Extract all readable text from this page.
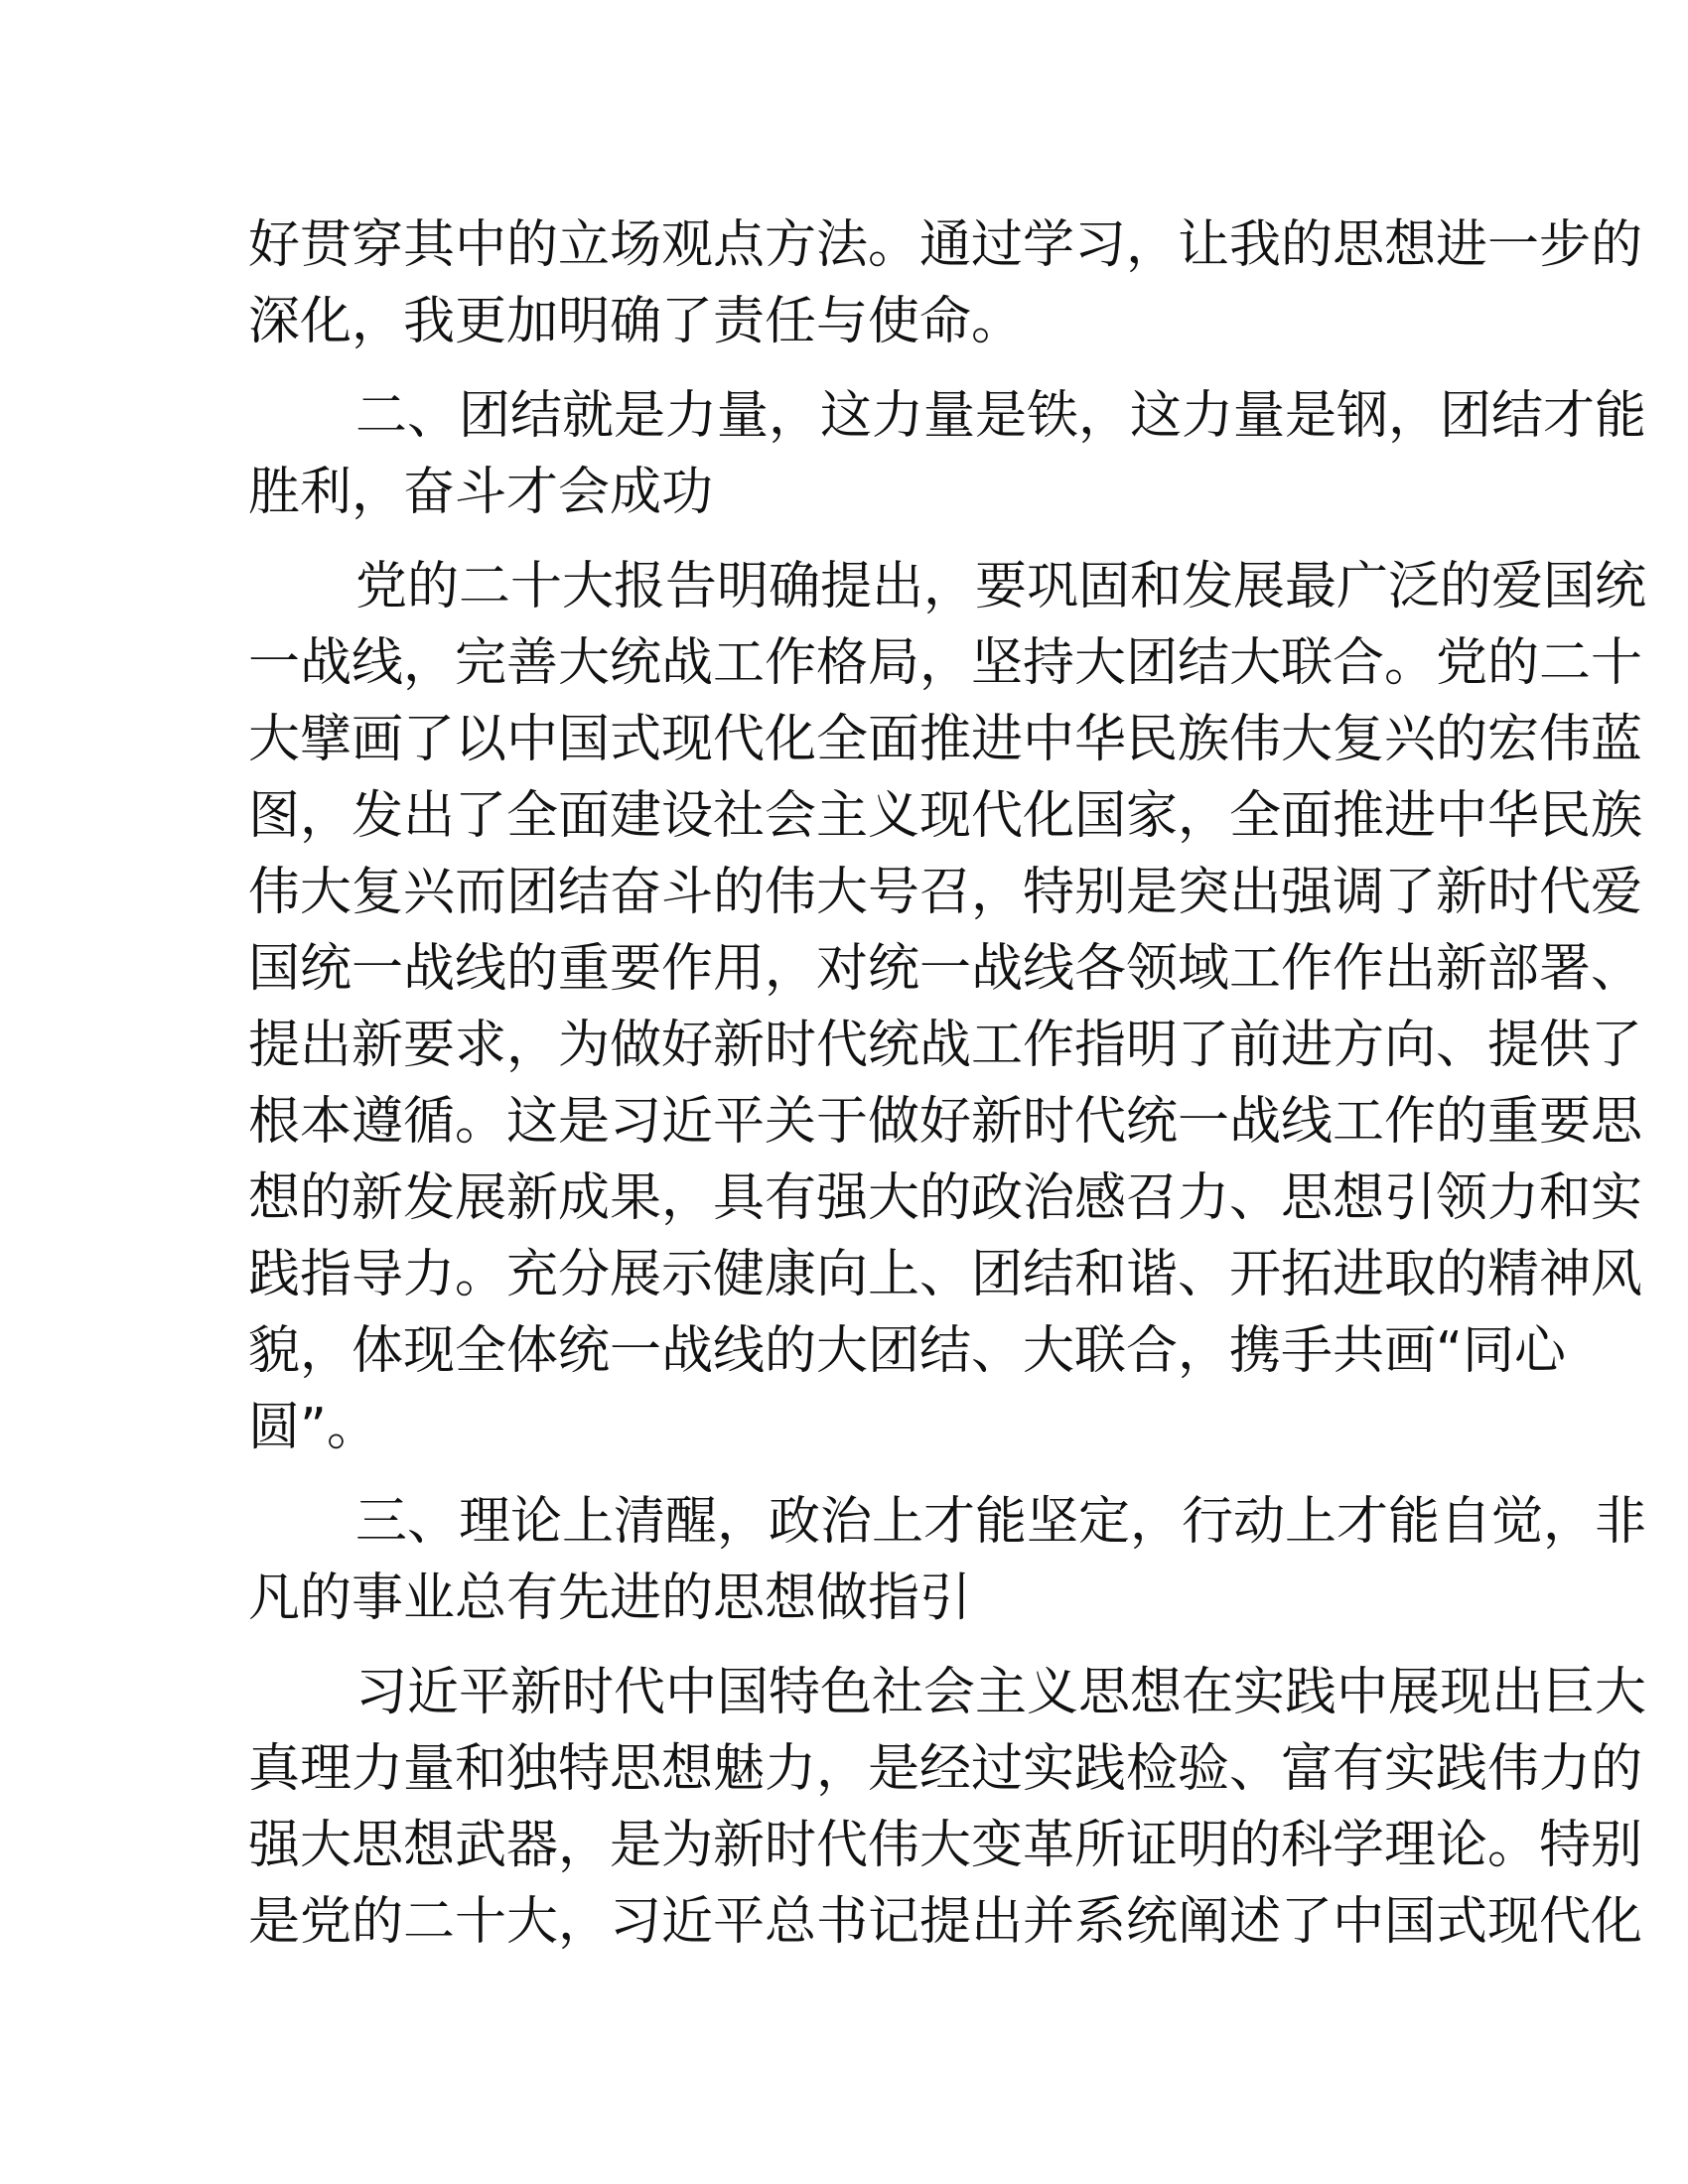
好贯穿其中的立场观点方法。通过学习，让我的思想进一步的
深化，我更加明确了责任与使命。
二、团结就是力量，这力量是铁，这力量是钢，团结才能
胜利，奋斗才会成功
党的二十大报告明确提出，要巩固和发展最广泛的爱国统
一战线，完善大统战工作格局，坚持大团结大联合。党的二十
大擘画了以中国式现代化全面推进中华民族伟大复兴的宏伟蓝
图，发出了全面建设社会主义现代化国家，全面推进中华民族
伟大复兴而团结奋斗的伟大号召，特别是突出强调了新时代爱
国统一战线的重要作用，对统一战线各领域工作作出新部署、
提出新要求，为做好新时代统战工作指明了前进方向、提供了
根本遵循。这是习近平关于做好新时代统一战线工作的重要思
想的新发展新成果，具有强大的政治感召力、思想引领力和实
践指导力。充分展示健康向上、团结和谐、开拓进取的精神风
貌，体现全体统一战线的大团结、大联合，携手共画“同心
圆”。
三、理论上清醒，政治上才能坚定，行动上才能自觉，非
凡的事业总有先进的思想做指引
习近平新时代中国特色社会主义思想在实践中展现出巨大
真理力量和独特思想魅力，是经过实践检验、富有实践伟力的
强大思想武器，是为新时代伟大变革所证明的科学理论。特别
是党的二十大，习近平总书记提出并系统阐述了中国式现代化
